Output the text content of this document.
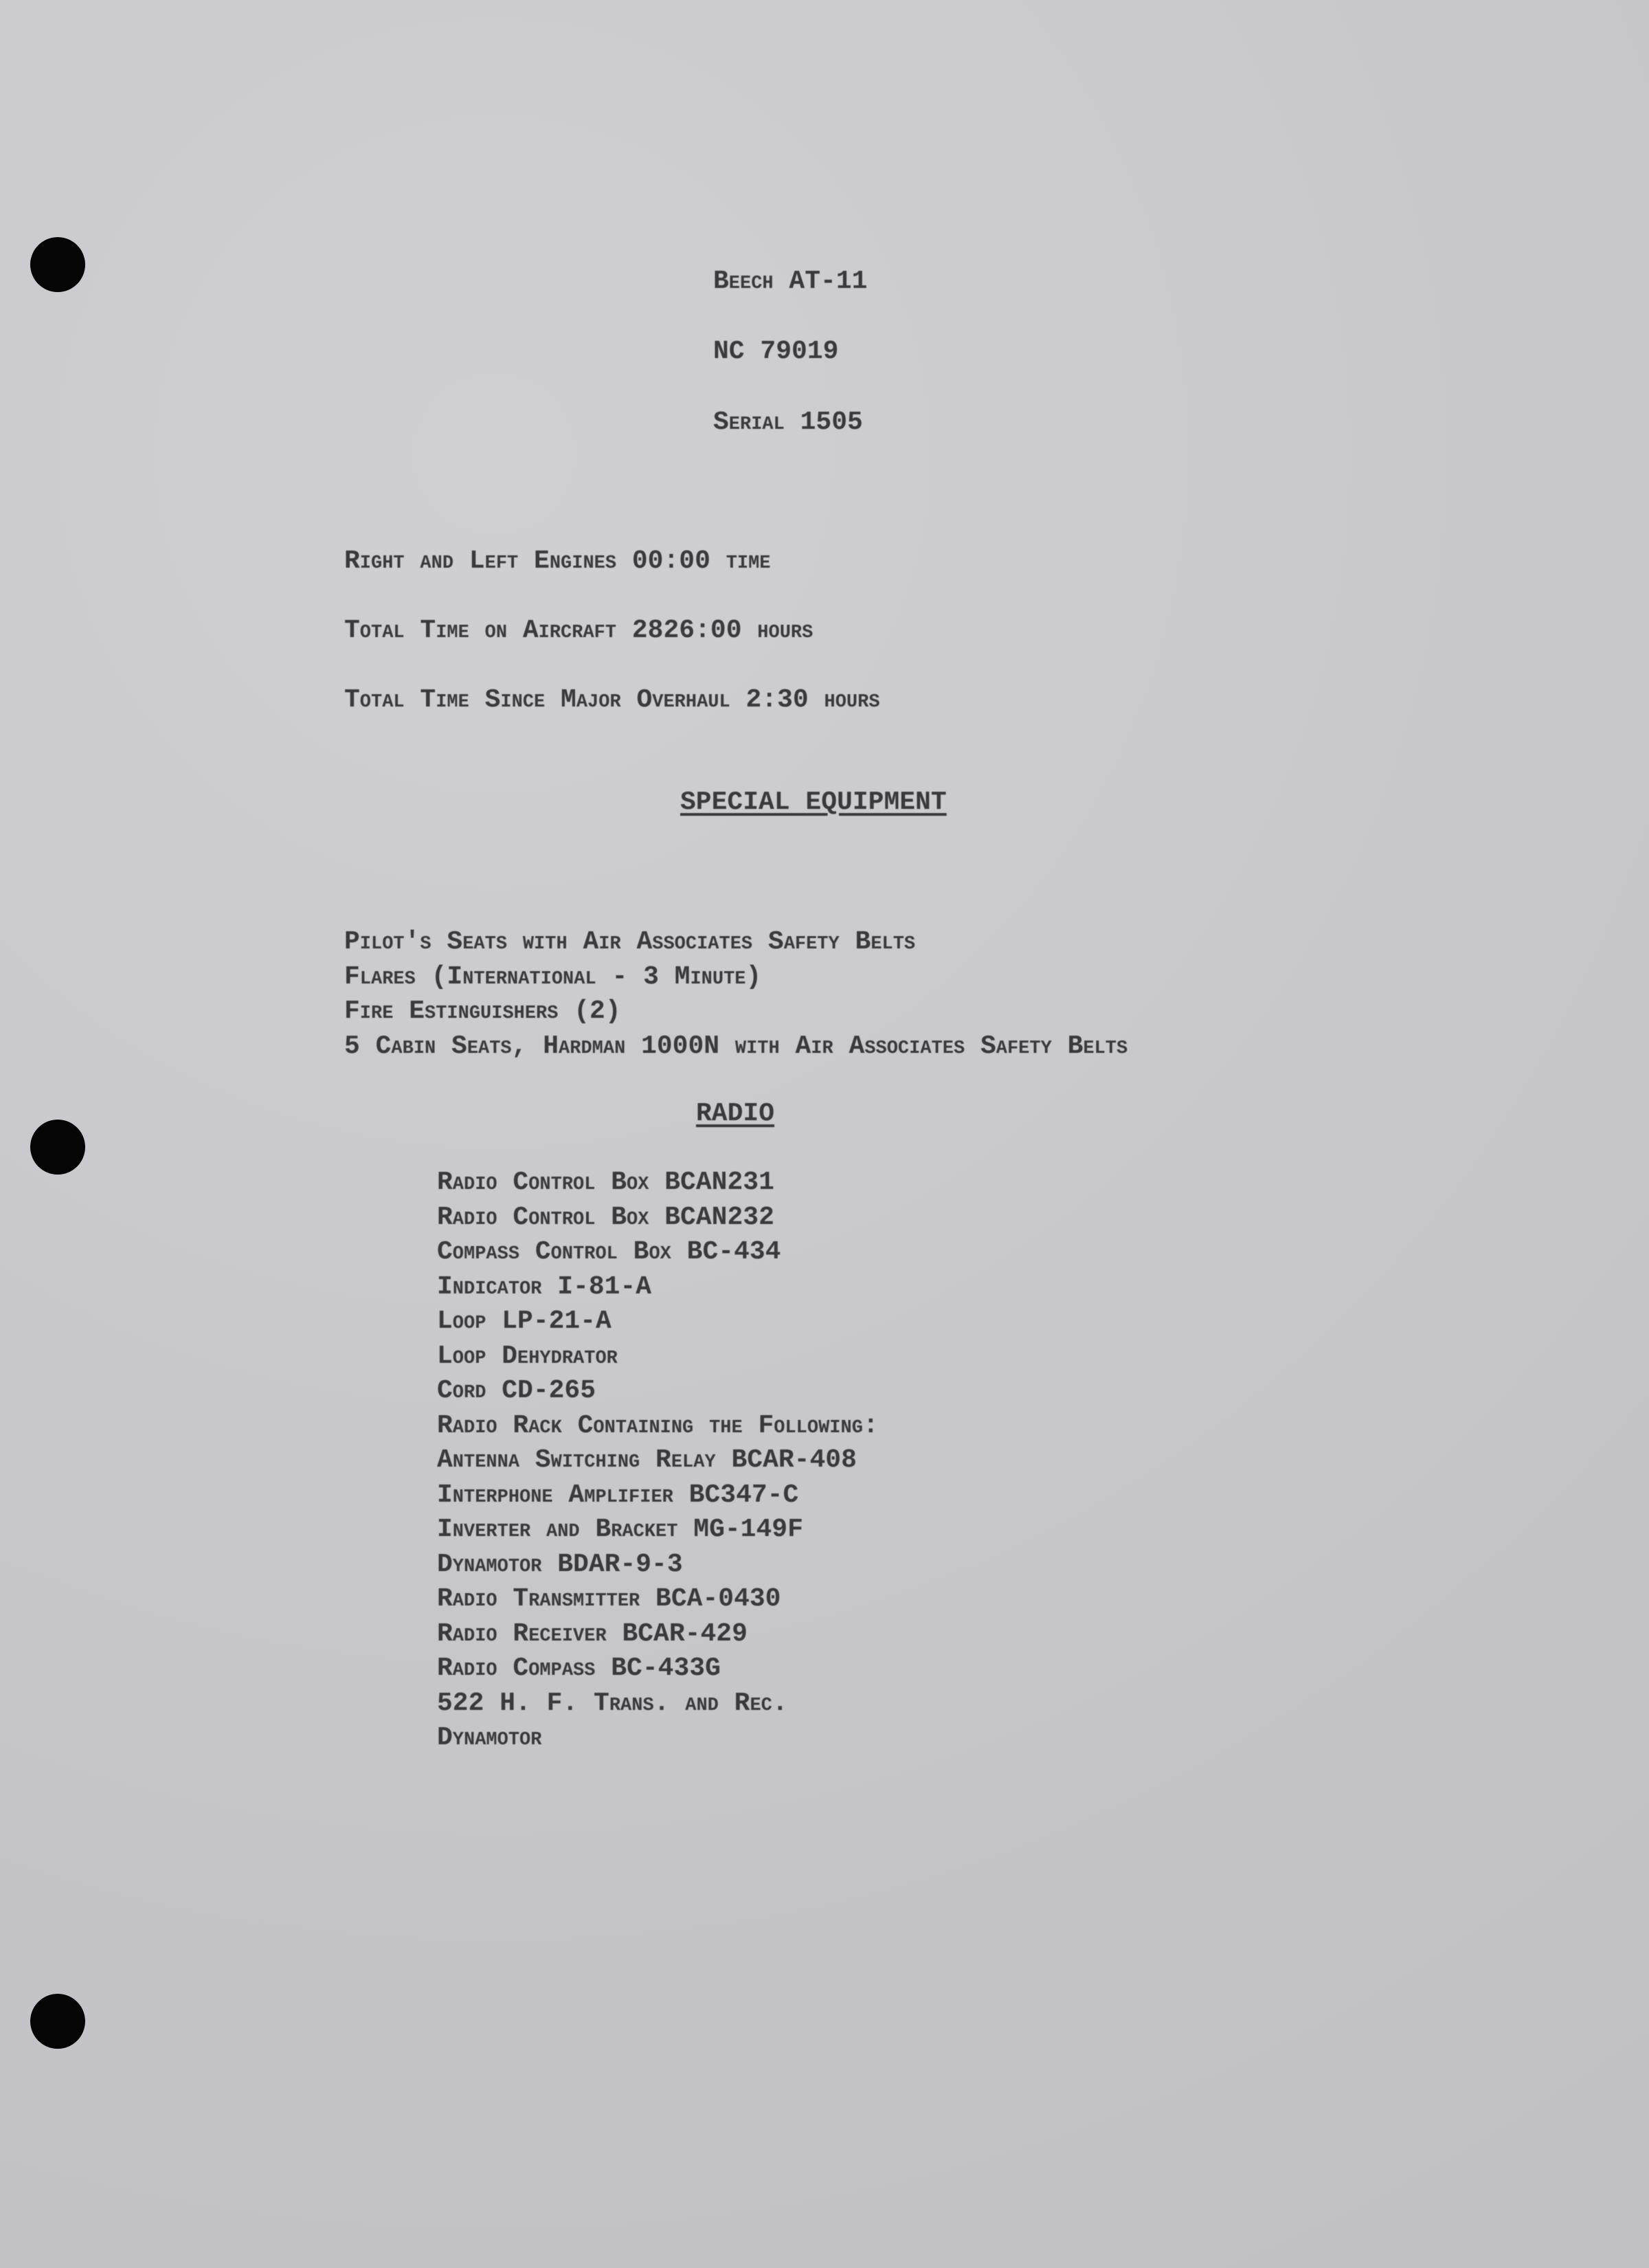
Beech AT-11
NC 79019
Serial 1505
Right and Left Engines 00:00 time
Total Time on Aircraft 2826:00 hours
Total Time Since Major Overhaul 2:30 hours
SPECIAL EQUIPMENT
Pilot's Seats with Air Associates Safety Belts
Flares (International - 3 Minute)
Fire Estinguishers (2)
5 Cabin Seats, Hardman 1000N with Air Associates Safety Belts
RADIO
Radio Control Box BCAN231
Radio Control Box BCAN232
Compass Control Box BC-434
Indicator I-81-A
Loop LP-21-A
Loop Dehydrator
Cord CD-265
Radio Rack Containing the Following:
Antenna Switching Relay BCAR-408
Interphone Amplifier BC347-C
Inverter and Bracket MG-149F
Dynamotor BDAR-9-3
Radio Transmitter BCA-0430
Radio Receiver BCAR-429
Radio Compass BC-433G
522 H. F. Trans. and Rec.
Dynamotor
